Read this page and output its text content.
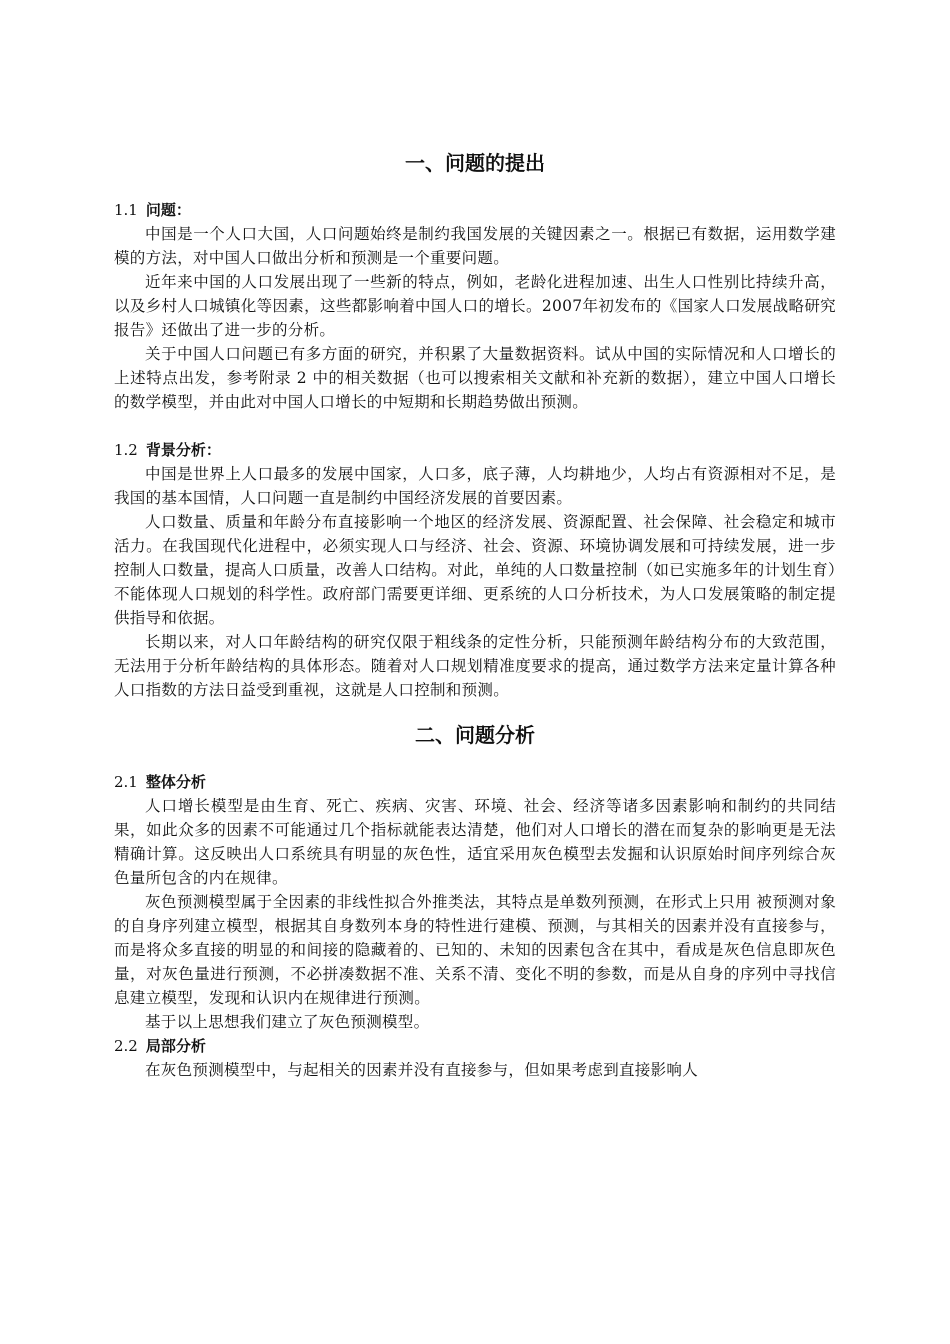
一、问题的提出
1.1 问题：

中国是一个人口大国，人口问题始终是制约我国发展的关键因素之一。根据已有数据，运用数学建模的方法，对中国人口做出分析和预测是一个重要问题。

近年来中国的人口发展出现了一些新的特点，例如，老龄化进程加速、出生人口性别比持续升高，以及乡村人口城镇化等因素，这些都影响着中国人口的增长。2007年初发布的《国家人口发展战略研究报告》还做出了进一步的分析。

关于中国人口问题已有多方面的研究，并积累了大量数据资料。试从中国的实际情况和人口增长的上述特点出发，参考附录 2 中的相关数据（也可以搜索相关文献和补充新的数据），建立中国人口增长的数学模型，并由此对中国人口增长的中短期和长期趋势做出预测。

1.2 背景分析：

中国是世界上人口最多的发展中国家，人口多，底子薄，人均耕地少，人均占有资源相对不足，是我国的基本国情，人口问题一直是制约中国经济发展的首要因素。

人口数量、质量和年龄分布直接影响一个地区的经济发展、资源配置、社会保障、社会稳定和城市活力。在我国现代化进程中，必须实现人口与经济、社会、资源、环境协调发展和可持续发展，进一步控制人口数量，提高人口质量，改善人口结构。对此，单纯的人口数量控制（如已实施多年的计划生育）不能体现人口规划的科学性。政府部门需要更详细、更系统的人口分析技术，为人口发展策略的制定提供指导和依据。

长期以来，对人口年龄结构的研究仅限于粗线条的定性分析，只能预测年龄结构分布的大致范围，无法用于分析年龄结构的具体形态。随着对人口规划精准度要求的提高，通过数学方法来定量计算各种人口指数的方法日益受到重视，这就是人口控制和预测。

二、问题分析
2.1 整体分析

人口增长模型是由生育、死亡、疾病、灾害、环境、社会、经济等诸多因素影响和制约的共同结果，如此众多的因素不可能通过几个指标就能表达清楚，他们对人口增长的潜在而复杂的影响更是无法精确计算。这反映出人口系统具有明显的灰色性，适宜采用灰色模型去发掘和认识原始时间序列综合灰色量所包含的内在规律。

灰色预测模型属于全因素的非线性拟合外推类法，其特点是单数列预测，在形式上只用 被预测对象的自身序列建立模型，根据其自身数列本身的特性进行建模、预测，与其相关的因素并没有直接参与，而是将众多直接的明显的和间接的隐藏着的、已知的、未知的因素包含在其中，看成是灰色信息即灰色量，对灰色量进行预测，不必拼凑数据不准、关系不清、变化不明的参数，而是从自身的序列中寻找信息建立模型，发现和认识内在规律进行预测。

基于以上思想我们建立了灰色预测模型。

2.2 局部分析

在灰色预测模型中，与起相关的因素并没有直接参与，但如果考虑到直接影响人
